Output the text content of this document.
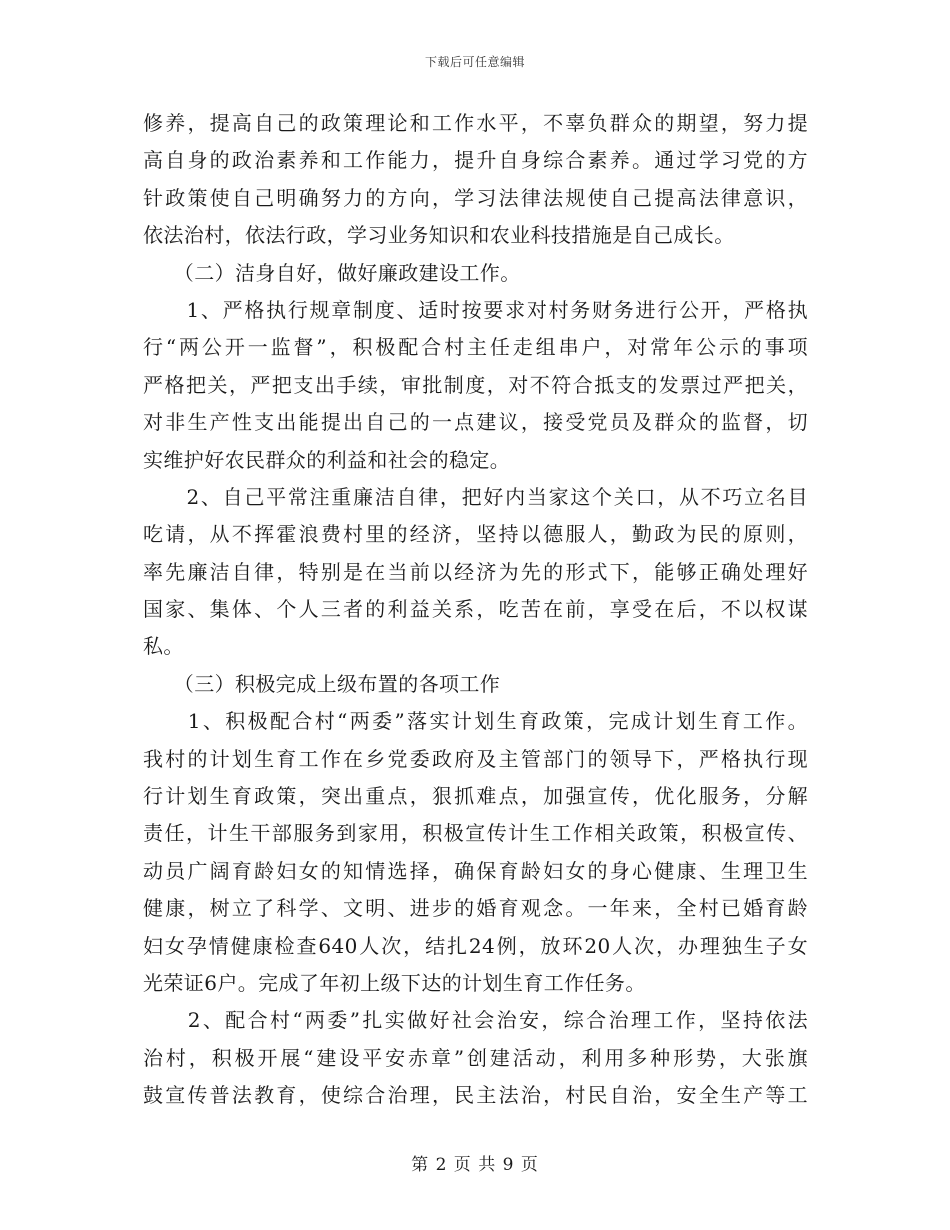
下载后可任意编辑
修养，提高自己的政策理论和工作水平，不辜负群众的期望，努力提
高自身的政治素养和工作能力，提升自身综合素养。通过学习党的方
针政策使自己明确努力的方向，学习法律法规使自己提高法律意识，
依法治村，依法行政，学习业务知识和农业科技措施是自己成长。
　　（二）洁身自好，做好廉政建设工作。
　　1、严格执行规章制度、适时按要求对村务财务进行公开，严格执
行“两公开一监督”，积极配合村主任走组串户，对常年公示的事项
严格把关，严把支出手续，审批制度，对不符合抵支的发票过严把关，
对非生产性支出能提出自己的一点建议，接受党员及群众的监督，切
实维护好农民群众的利益和社会的稳定。
　　2、自己平常注重廉洁自律，把好内当家这个关口，从不巧立名目
吃请，从不挥霍浪费村里的经济，坚持以德服人，勤政为民的原则，
率先廉洁自律，特别是在当前以经济为先的形式下，能够正确处理好
国家、集体、个人三者的利益关系，吃苦在前，享受在后，不以权谋
私。
　　（三）积极完成上级布置的各项工作
　　1、积极配合村“两委”落实计划生育政策，完成计划生育工作。
我村的计划生育工作在乡党委政府及主管部门的领导下，严格执行现
行计划生育政策，突出重点，狠抓难点，加强宣传，优化服务，分解
责任，计生干部服务到家用，积极宣传计生工作相关政策，积极宣传、
动员广阔育龄妇女的知情选择，确保育龄妇女的身心健康、生理卫生
健康，树立了科学、文明、进步的婚育观念。一年来，全村已婚育龄
妇女孕情健康检查640人次，结扎24例，放环20人次，办理独生子女
光荣证6户。完成了年初上级下达的计划生育工作任务。
　　2、配合村“两委”扎实做好社会治安，综合治理工作，坚持依法
治村，积极开展“建设平安赤章”创建活动，利用多种形势，大张旗
鼓宣传普法教育，使综合治理，民主法治，村民自治，安全生产等工
第 2 页 共 9 页
